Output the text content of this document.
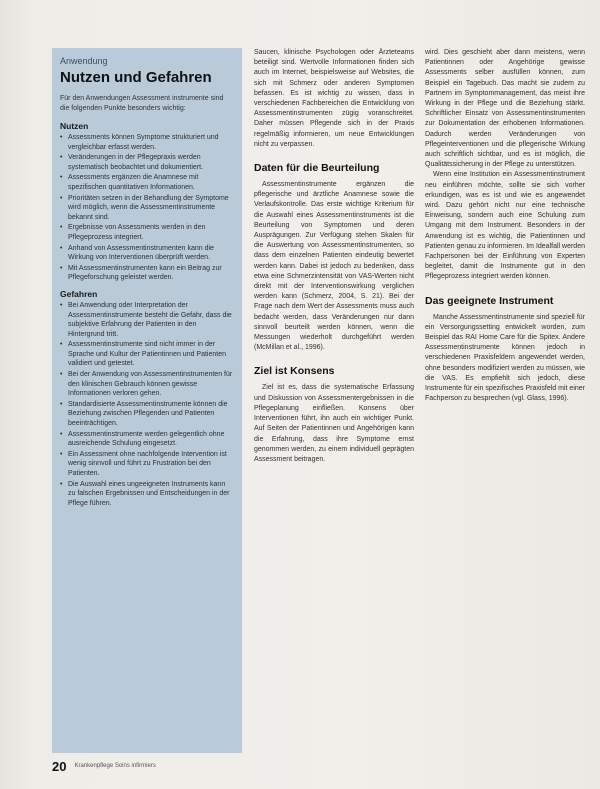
Anwendung
Nutzen und Gefahren
Für den Anwendungen Assessment instrumente sind die folgenden Punkte besonders wichtig:
Nutzen
• Assessments können Symptome strukturiert und vergleichbar erfasst werden.
• Veränderungen in der Pflegepraxis werden systematisch beobachtet und dokumentiert.
• Assessments ergänzen die Anamnese mit spezifischen quantitativen Informationen.
• Prioritäten setzen in der Behandlung der Symptome wird möglich, wenn die Assessmentinstrumente bekannt sind.
• Ergebnisse von Assessments werden in den Pflegeprozess integriert.
• Anhand von Assessmentinstrumenten kann die Wirkung von Interventionen überprüft werden.
• Mit Assessmentinstrumenten kann ein Beitrag zur Pflegeforschung geleistet werden.
Gefahren
• Bei Anwendung oder Interpretation der Assessmentinstrumente besteht die Gefahr, dass die subjektive Erfahrung der Patienten in den Hintergrund tritt.
• Assessmentinstrumente sind nicht immer in der Sprache und Kultur der Patientinnen und Patienten validiert und getestet.
• Bei der Anwendung von Assessmentinstrumenten für den klinischen Gebrauch können gewisse Informationen verloren gehen.
• Standardisierte Assessmentinstrumente können die Beziehung zwischen Pflegenden und Patienten beeinträchtigen.
• Assessmentinstrumente werden gelegentlich ohne ausreichende Schulung eingesetzt.
• Ein Assessment ohne nachfolgende Intervention ist wenig sinnvoll und führt zu Frustration bei den Patienten.
• Die Auswahl eines ungeeigneten Instruments kann zu falschen Ergebnissen und Entscheidungen in der Pflege führen.

Saucen, klinische Psychologen oder Ärzteteams beteiligt sind. Wertvolle Informationen finden sich auch im Internet, beispielsweise auf Websites, die sich mit Schmerz oder anderen Symptomen befassen. Es ist wichtig zu wissen, dass in verschiedenen Fachbereichen die Entwicklung von Assessmentinstrumenten zügig voranschreitet. Daher müssen Pflegende sich in der Praxis regelmäßig informieren, um neue Entwicklungen nicht zu verpassen.

Daten für die Beurteilung

Assessmentinstrumente ergänzen die pflegerische und ärztliche Anamnese sowie die Verlaufskontrolle. Das erste wichtige Kriterium für die Auswahl eines Assessmentinstruments ist die Beurteilung von Symptomen und deren Ausprägungen. Zur Verfügung stehen Skalen für die Auswertung von Assessmentinstrumenten, so dass dem einzelnen Patienten eindeutig bewertet werden kann. Dabei ist jedoch zu bedenken, dass etwa eine Schmerzintensität von VAS-Werten nicht direkt mit der Interventionswirkung verglichen werden kann (Schmerz, 2004, S. 21). Bei der Frage nach dem Wert der Assessments muss auch bedacht werden, dass Veränderungen nur dann sinnvoll beurteilt werden können, wenn die Messungen wiederholt durchgeführt werden (McMillan et al., 1996).

Ziel ist Konsens

Ziel ist es, dass die systematische Erfassung und Diskussion von Assessmentergebnissen in die Pflegeplanung einfließen. Konsens über Interventionen führt, ihn auch ein wichtiger Punkt. Auf Seiten der Patientinnen und Angehörigen kann die Erfahrung, dass ihre Symptome ernst genommen werden, zu einem individuell geprägten Assessment beitragen.

wird. Dies geschieht aber dann meistens, wenn Patientinnen oder Angehörige gewisse Assessments selber ausfüllen können, zum Beispiel ein Tagebuch. Das macht sie zudem zu Partnern im Symptommanagement, das meist ihre Wirkung in der Pflege und die Beziehung stärkt. Schriftlicher Einsatz von Assessmentinstrumenten zur Dokumentation der erhobenen Informationen. Dadurch werden Veränderungen von Pflegeinterventionen und die pflegerische Wirkung auch schriftlich sichtbar, und es ist möglich, die Qualitätssicherung in der Pflege zu unterstützen.

Wenn eine Institution ein Assessmentinstrument neu einführen möchte, sollte sie sich vorher erkundigen, was es ist und wie es angewendet wird. Dazu gehört nicht nur eine technische Einweisung, sondern auch eine Schulung zum Umgang mit dem Instrument. Besonders in der Anwendung ist es wichtig, die Patientinnen und Patienten genau zu informieren. Im Idealfall werden Fachpersonen bei der Einführung von Experten begleitet, damit die Instrumente gut in den Pflegeprozess integriert werden können.

Das geeignete Instrument

Manche Assessmentinstrumente sind speziell für ein Versorgungssetting entwickelt worden, zum Beispiel das RAI Home Care für die Spitex. Andere Assessmentinstrumente können jedoch in verschiedenen Praxisfeldern angewendet werden, ohne besonders modifiziert werden zu müssen, wie die VAS. Es empfiehlt sich jedoch, diese Instrumente für ein spezifisches Praxisfeld mit einer Fachperson zu besprechen (vgl. Glass, 1996).

20 Krankenpflege Soins infirmiers
